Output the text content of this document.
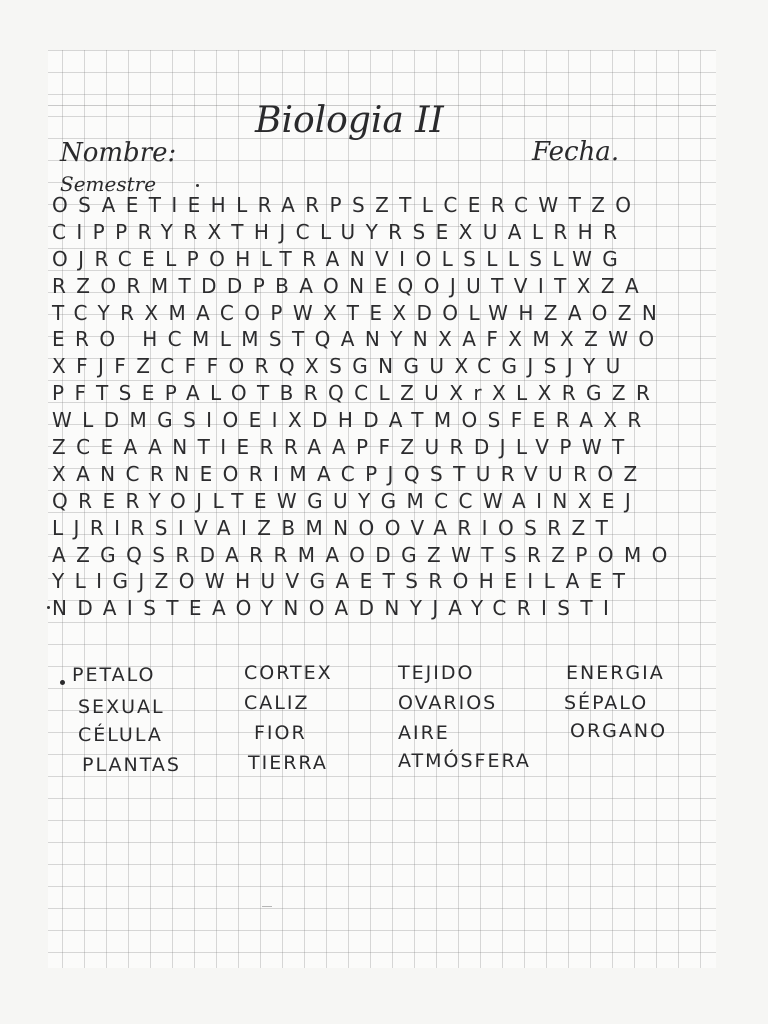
Biologia II
Nombre:	Fecha.
Semestre
OSAETIEHLRARPSZTLCERCWTZO
CIPPRYRXTHJCLUYRSEXUALRHR
OJRCELPOHLTRANVIOLSLLSLWG
RZORMTDDPBAONEQOJUTVITXZA
TCYRXMACOPWXTEXDOLWHZAOZN
ERO HCMLMSTQANYNXAFXMXZWO
XFJFZCFFORQXSGNGUXCGJSJYU
PFTSEPALOTBRQCLZUXrXLXRGZR
WLDMGSIOEIXDHDATMOSFERAXR
ZCEAANTIERRAAPFZURDJLVPWT
XANCRNEORIMACPJQSTURVUROZ
QRERYOJLTEWGUYGMCCWAINXEJ
LJRIRSIVAIZBMNOOVARIOSRZT
AZGQSRDARRMAODGZWTSRZPOMO
YLIGJZOWHUVGAETSROHEILAET
NDAISTEAOYNOADNYJAYCRISTI
PETALO	CORTEX	TEJIDO	ENERGIA
SEXUAL	CALIZ	OVARIOS	SÉPALO
CÉLULA	FIOR	AIRE	ORGANO
PLANTAS	TIERRA	ATMÓSFERA
